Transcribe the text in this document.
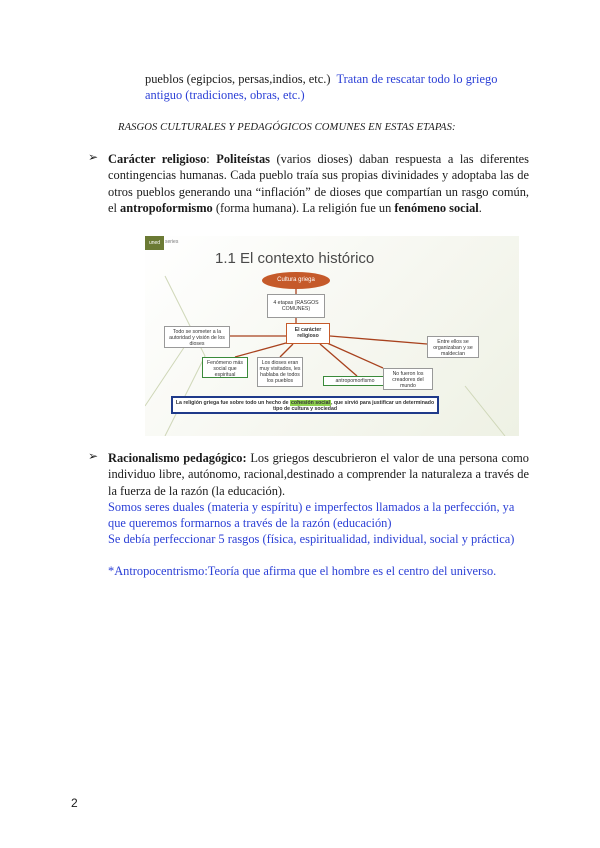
pueblos (egipcios, persas,indios, etc.) Tratan de rescatar todo lo griego antiguo (tradiciones, obras, etc.)
RASGOS CULTURALES Y PEDAGÓGICOS COMUNES EN ESTAS ETAPAS:
➢ Carácter religioso: Politeístas (varios dioses) daban respuesta a las diferentes contingencias humanas. Cada pueblo traía sus propias divinidades y adoptaba las de otros pueblos generando una “inflación” de dioses que compartían un rasgo común, el antropoformismo (forma humana). La religión fue un fenómeno social.
uned series
1.1 El contexto histórico
Cultura griega
4 etapas (RASGOS COMUNES)
El carácter religioso
Todo se someter a la autoridad y visión de los dioses
Fenómeno más social que espiritual
Los dioses eran muy visitados, les hablaba de todos los pueblos	antropomorfismo
Entre ellos se organizaban y se maldecían
No fueron los creadores del mundo
La religión griega fue sobre todo un hecho de cohesión social, que sirvió para justificar un determinado tipo de cultura y sociedad
➢ Racionalismo pedagógico: Los griegos descubrieron el valor de una persona como individuo libre, autónomo, racional,destinado a comprender la naturaleza a través de la fuerza de la razón (la educación).
Somos seres duales (materia y espíritu) e imperfectos llamados a la perfección, ya que queremos formarnos a través de la razón (educación)
Se debía perfeccionar 5 rasgos (física, espiritualidad, individual, social y práctica)
*Antropocentrismo:Teoría que afirma que el hombre es el centro del universo.
2
